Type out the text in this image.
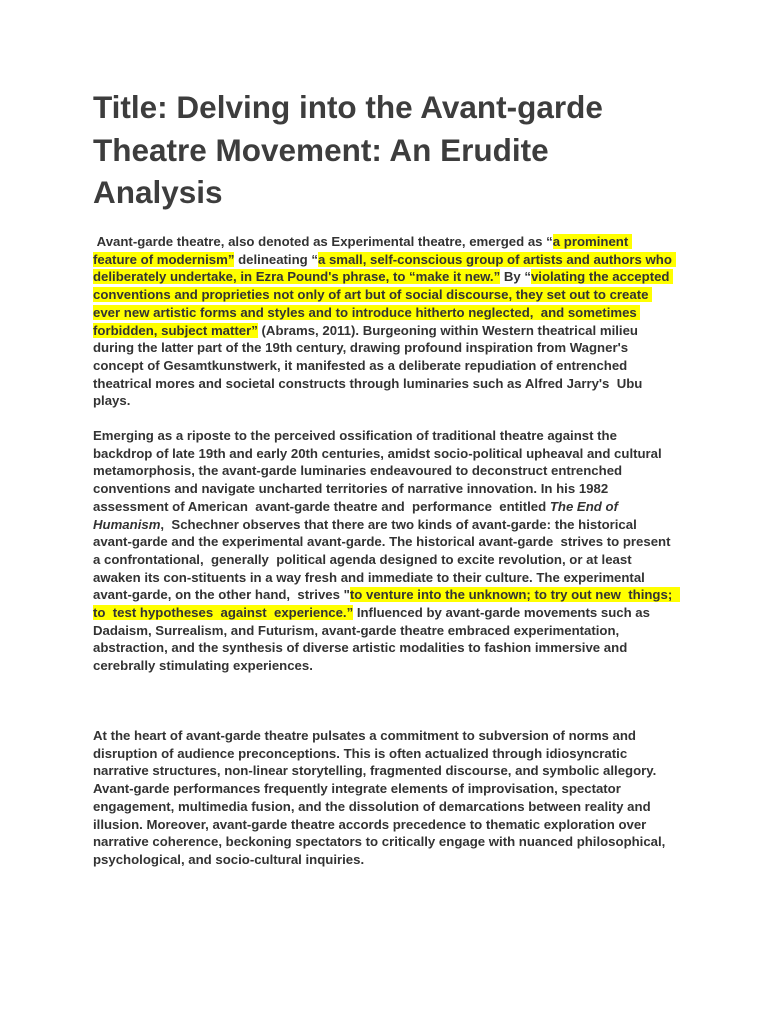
Title: Delving into the Avant-garde Theatre Movement: An Erudite Analysis

Avant-garde theatre, also denoted as Experimental theatre, emerged as “a prominent feature of modernism” delineating “a small, self-conscious group of artists and authors who deliberately undertake, in Ezra Pound's phrase, to “make it new.” By “violating the accepted conventions and proprieties not only of art but of social discourse, they set out to create ever new artistic forms and styles and to introduce hitherto neglected,  and sometimes forbidden, subject matter” (Abrams, 2011). Burgeoning within Western theatrical milieu during the latter part of the 19th century, drawing profound inspiration from Wagner's concept of Gesamtkunstwerk, it manifested as a deliberate repudiation of entrenched theatrical mores and societal constructs through luminaries such as Alfred Jarry's  Ubu plays.

Emerging as a riposte to the perceived ossification of traditional theatre against the backdrop of late 19th and early 20th centuries, amidst socio-political upheaval and cultural metamorphosis, the avant-garde luminaries endeavoured to deconstruct entrenched conventions and navigate uncharted territories of narrative innovation. In his 1982 assessment of American  avant-garde theatre and  performance  entitled The End of Humanism,  Schechner observes that there are two kinds of avant-garde: the historical avant-garde and the experimental avant-garde. The historical avant-garde  strives to present  a confrontational,  generally  political agenda designed to excite revolution, or at least awaken its con-stituents in a way fresh and immediate to their culture. The experimental avant-garde, on the other hand,  strives "to venture into the unknown; to try out new  things;  to  test hypotheses  against  experience.” Influenced by avant-garde movements such as Dadaism, Surrealism, and Futurism, avant-garde theatre embraced experimentation, abstraction, and the synthesis of diverse artistic modalities to fashion immersive and cerebrally stimulating experiences.

At the heart of avant-garde theatre pulsates a commitment to subversion of norms and disruption of audience preconceptions. This is often actualized through idiosyncratic narrative structures, non-linear storytelling, fragmented discourse, and symbolic allegory. Avant-garde performances frequently integrate elements of improvisation, spectator engagement, multimedia fusion, and the dissolution of demarcations between reality and illusion. Moreover, avant-garde theatre accords precedence to thematic exploration over narrative coherence, beckoning spectators to critically engage with nuanced philosophical, psychological, and socio-cultural inquiries.
